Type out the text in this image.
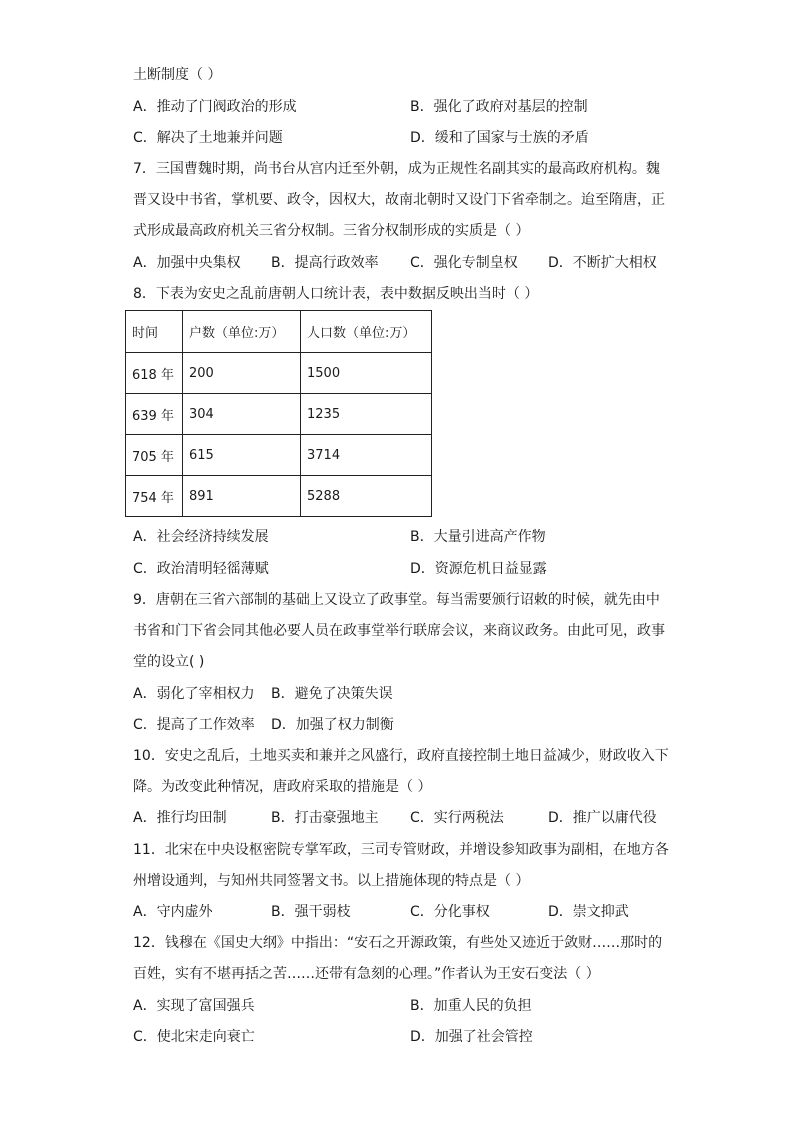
土断制度（ ）
A．推动了门阀政治的形成	B．强化了政府对基层的控制
C．解决了土地兼并问题	D．缓和了国家与士族的矛盾
7．三国曹魏时期，尚书台从宫内迁至外朝，成为正规性名副其实的最高政府机构。魏
晋又设中书省，掌机要、政令，因权大，故南北朝时又设门下省牵制之。迨至隋唐，正
式形成最高政府机关三省分权制。三省分权制形成的实质是（ ）
A．加强中央集权 B．提高行政效率 C．强化专制皇权 D．不断扩大相权
8．下表为安史之乱前唐朝人口统计表，表中数据反映出当时（ ）
时间	户数（单位:万）	人口数（单位:万）
618 年	200	1500
639 年	304	1235
705 年	615	3714
754 年	891	5288
A．社会经济持续发展	B．大量引进高产作物
C．政治清明轻徭薄赋	D．资源危机日益显露
9．唐朝在三省六部制的基础上又设立了政事堂。每当需要颁行诏敕的时候，就先由中
书省和门下省会同其他必要人员在政事堂举行联席会议，来商议政务。由此可见，政事
堂的设立( )
A．弱化了宰相权力 B．避免了决策失误
C．提高了工作效率 D．加强了权力制衡
10．安史之乱后，土地买卖和兼并之风盛行，政府直接控制土地日益减少，财政收入下
降。为改变此种情况，唐政府采取的措施是（ ）
A．推行均田制	B．打击豪强地主 C．实行两税法	D．推广以庸代役
11．北宋在中央设枢密院专掌军政，三司专管财政，并增设参知政事为副相，在地方各
州增设通判，与知州共同签署文书。以上措施体现的特点是（ ）
A．守内虚外	B．强干弱枝	C．分化事权	D．崇文抑武
12．钱穆在《国史大纲》中指出：“安石之开源政策，有些处又迹近于敛财……那时的
百姓，实有不堪再括之苦……还带有急刻的心理。”作者认为王安石变法（ ）
A．实现了富国强兵	B．加重人民的负担
C．使北宋走向衰亡	D．加强了社会管控
